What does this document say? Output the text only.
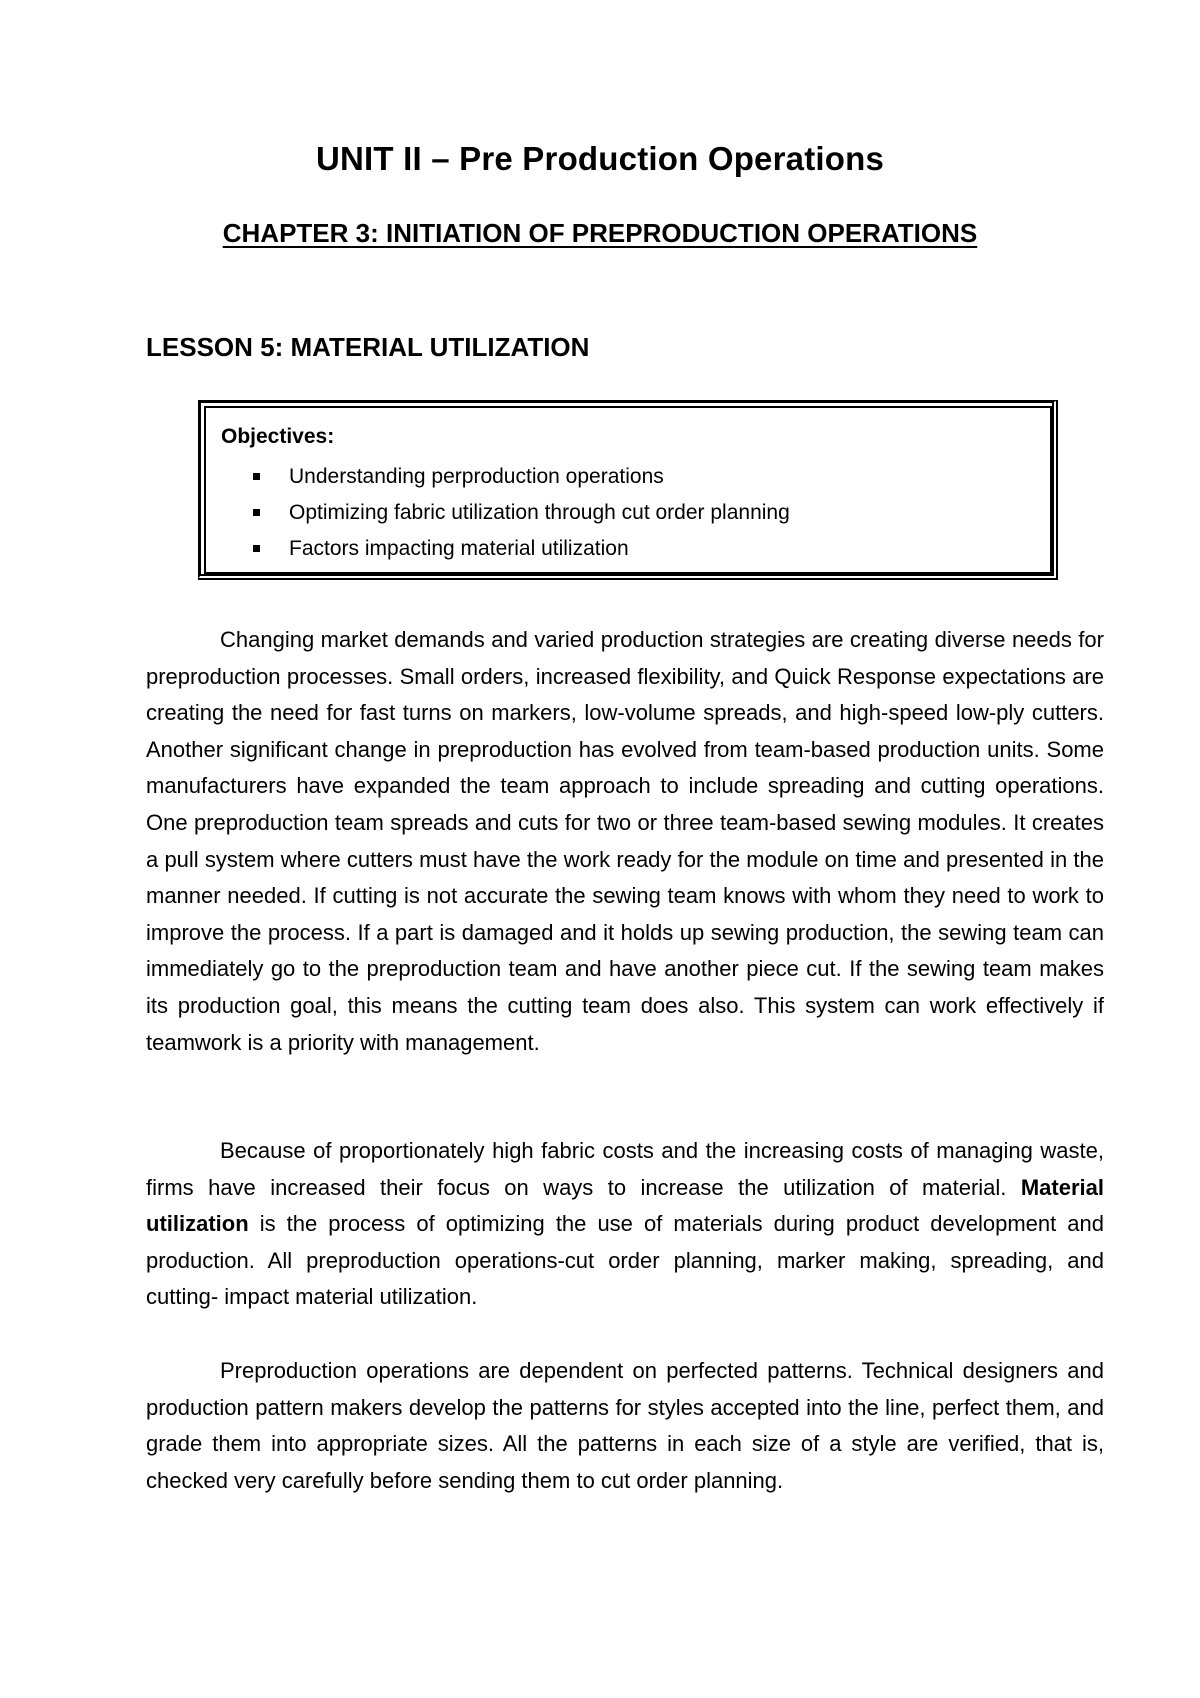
UNIT II – Pre Production Operations
CHAPTER 3: INITIATION OF PREPRODUCTION OPERATIONS
LESSON 5: MATERIAL UTILIZATION
Objectives:
Understanding perproduction operations
Optimizing fabric utilization through cut order planning
Factors impacting material utilization

Changing market demands and varied production strategies are creating diverse needs for preproduction processes. Small orders, increased flexibility, and Quick Response expectations are creating the need for fast turns on markers, low-volume spreads, and high-speed low-ply cutters. Another significant change in preproduction has evolved from team-based production units. Some manufacturers have expanded the team approach to include spreading and cutting operations. One preproduction team spreads and cuts for two or three team-based sewing modules. It creates a pull system where cutters must have the work ready for the module on time and presented in the manner needed. If cutting is not accurate the sewing team knows with whom they need to work to improve the process. If a part is damaged and it holds up sewing production, the sewing team can immediately go to the preproduction team and have another piece cut. If the sewing team makes its production goal, this means the cutting team does also. This system can work effectively if teamwork is a priority with management.

Because of proportionately high fabric costs and the increasing costs of managing waste, firms have increased their focus on ways to increase the utilization of material. Material utilization is the process of optimizing the use of materials during product development and production. All preproduction operations-cut order planning, marker making, spreading, and cutting- impact material utilization.

Preproduction operations are dependent on perfected patterns. Technical designers and production pattern makers develop the patterns for styles accepted into the line, perfect them, and grade them into appropriate sizes. All the patterns in each size of a style are verified, that is, checked very carefully before sending them to cut order planning.
